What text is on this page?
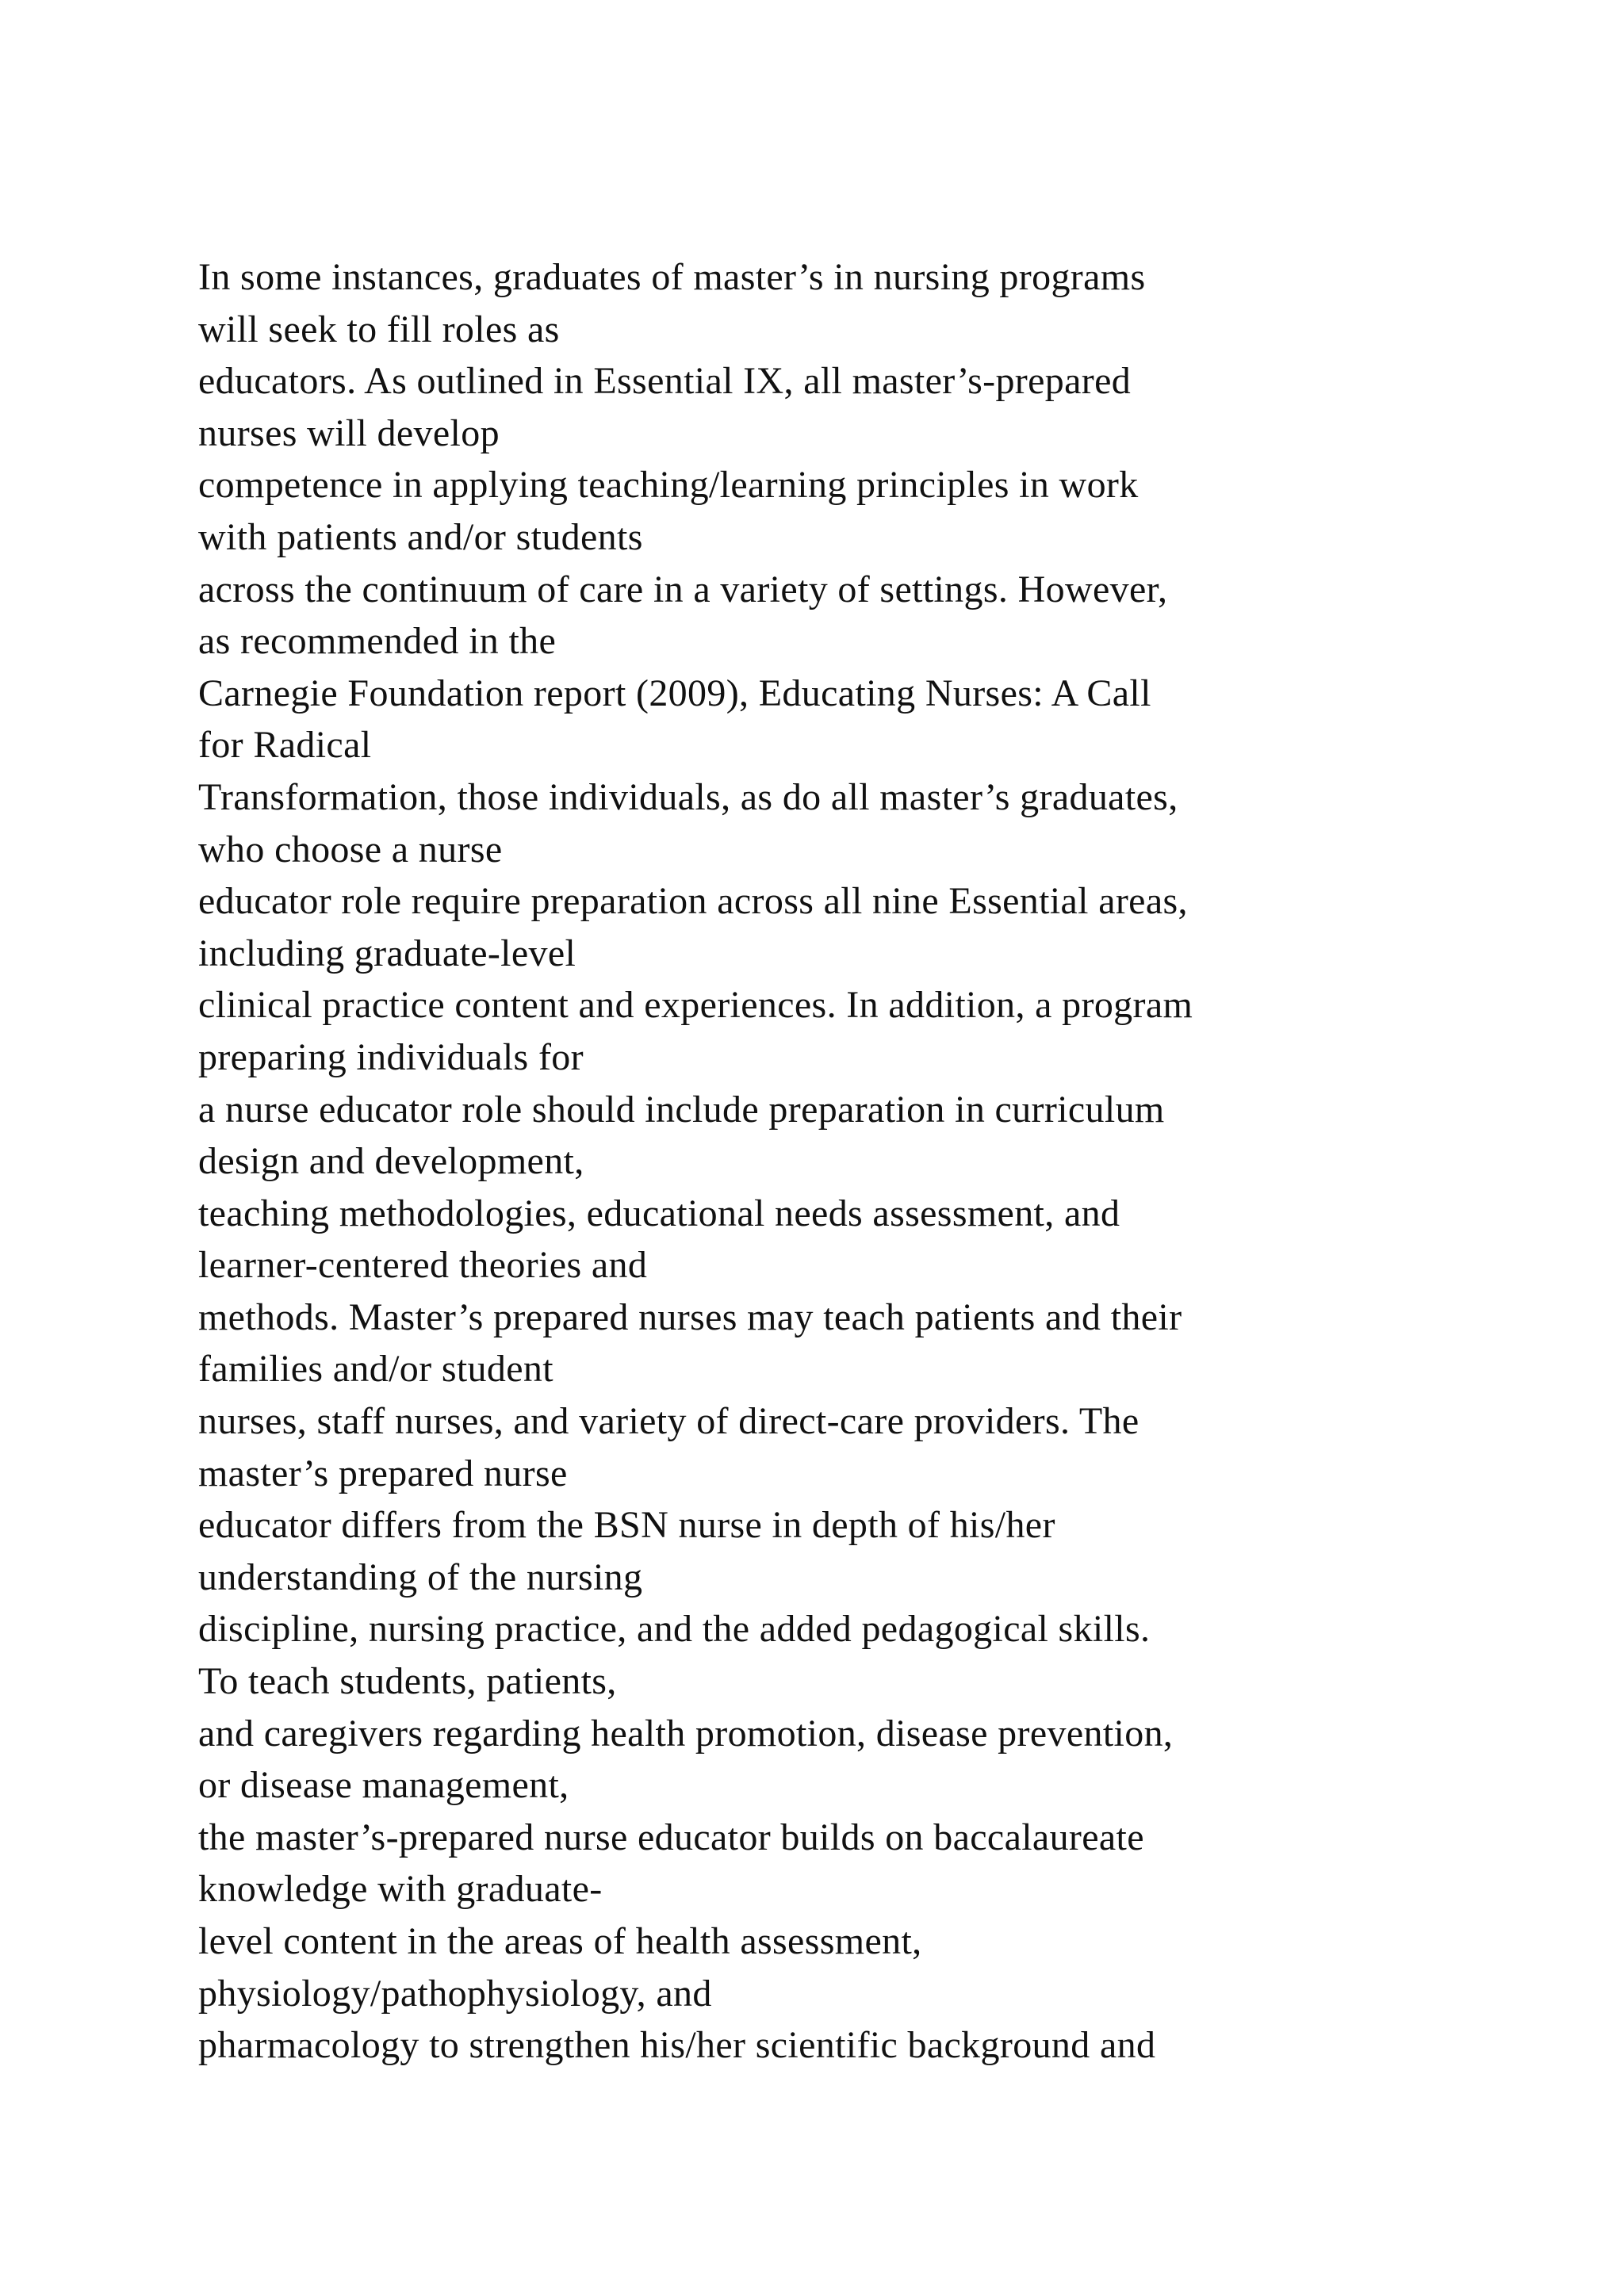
In some instances, graduates of master’s in nursing programs
will seek to fill roles as
educators. As outlined in Essential IX, all master’s-prepared
nurses will develop
competence in applying teaching/learning principles in work
with patients and/or students
across the continuum of care in a variety of settings. However,
as recommended in the
Carnegie Foundation report (2009), Educating Nurses: A Call
for Radical
Transformation, those individuals, as do all master’s graduates,
who choose a nurse
educator role require preparation across all nine Essential areas,
including graduate-level
clinical practice content and experiences. In addition, a program
preparing individuals for
a nurse educator role should include preparation in curriculum
design and development,
teaching methodologies, educational needs assessment, and
learner-centered theories and
methods. Master’s prepared nurses may teach patients and their
families and/or student
nurses, staff nurses, and variety of direct-care providers. The
master’s prepared nurse
educator differs from the BSN nurse in depth of his/her
understanding of the nursing
discipline, nursing practice, and the added pedagogical skills.
To teach students, patients,
and caregivers regarding health promotion, disease prevention,
or disease management,
the master’s-prepared nurse educator builds on baccalaureate
knowledge with graduate-
level content in the areas of health assessment,
physiology/pathophysiology, and
pharmacology to strengthen his/her scientific background and
